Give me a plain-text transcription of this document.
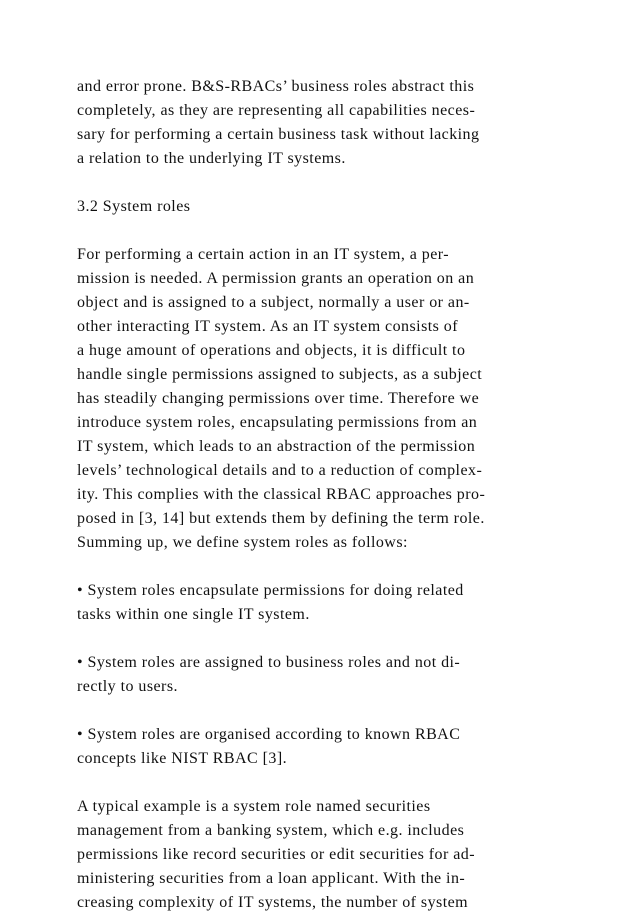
and error prone. B&S-RBACs’ business roles abstract this
completely, as they are representing all capabilities neces-
sary for performing a certain business task without lacking
a relation to the underlying IT systems.
3.2 System roles
For performing a certain action in an IT system, a per-
mission is needed. A permission grants an operation on an
object and is assigned to a subject, normally a user or an-
other interacting IT system. As an IT system consists of
a huge amount of operations and objects, it is difficult to
handle single permissions assigned to subjects, as a subject
has steadily changing permissions over time. Therefore we
introduce system roles, encapsulating permissions from an
IT system, which leads to an abstraction of the permission
levels’ technological details and to a reduction of complex-
ity. This complies with the classical RBAC approaches pro-
posed in [3, 14] but extends them by defining the term role.
Summing up, we define system roles as follows:
• System roles encapsulate permissions for doing related
tasks within one single IT system.
• System roles are assigned to business roles and not di-
rectly to users.
• System roles are organised according to known RBAC
concepts like NIST RBAC [3].
A typical example is a system role named securities
management from a banking system, which e.g. includes
permissions like record securities or edit securities for ad-
ministering securities from a loan applicant. With the in-
creasing complexity of IT systems, the number of system
